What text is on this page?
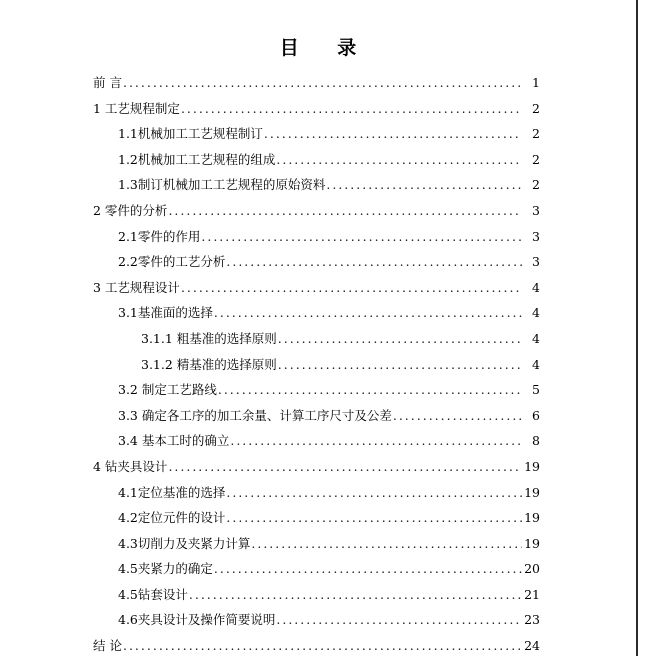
目 录
前 言 .....	1
1 工艺规程制定 .....	2
1.1机械加工工艺规程制订 .....	2
1.2机械加工工艺规程的组成 .....	2
1.3制订机械加工工艺规程的原始资料 .....	2
2 零件的分析 .....	3
2.1零件的作用 .....	3
2.2零件的工艺分析 .....	3
3 工艺规程设计 .....	4
3.1基准面的选择 .....	4
3.1.1 粗基准的选择原则 .....	4
3.1.2 精基准的选择原则 .....	4
3.2 制定工艺路线 .....	5
3.3 确定各工序的加工余量、计算工序尺寸及公差 .....	6
3.4 基本工时的确立 .....	8
4 钻夹具设计 .....	19
4.1定位基准的选择 .....	19
4.2定位元件的设计 .....	19
4.3切削力及夹紧力计算 .....	19
4.5夹紧力的确定 .....	20
4.5钻套设计 .....	21
4.6夹具设计及操作简要说明 .....	23
结 论 .....	24
